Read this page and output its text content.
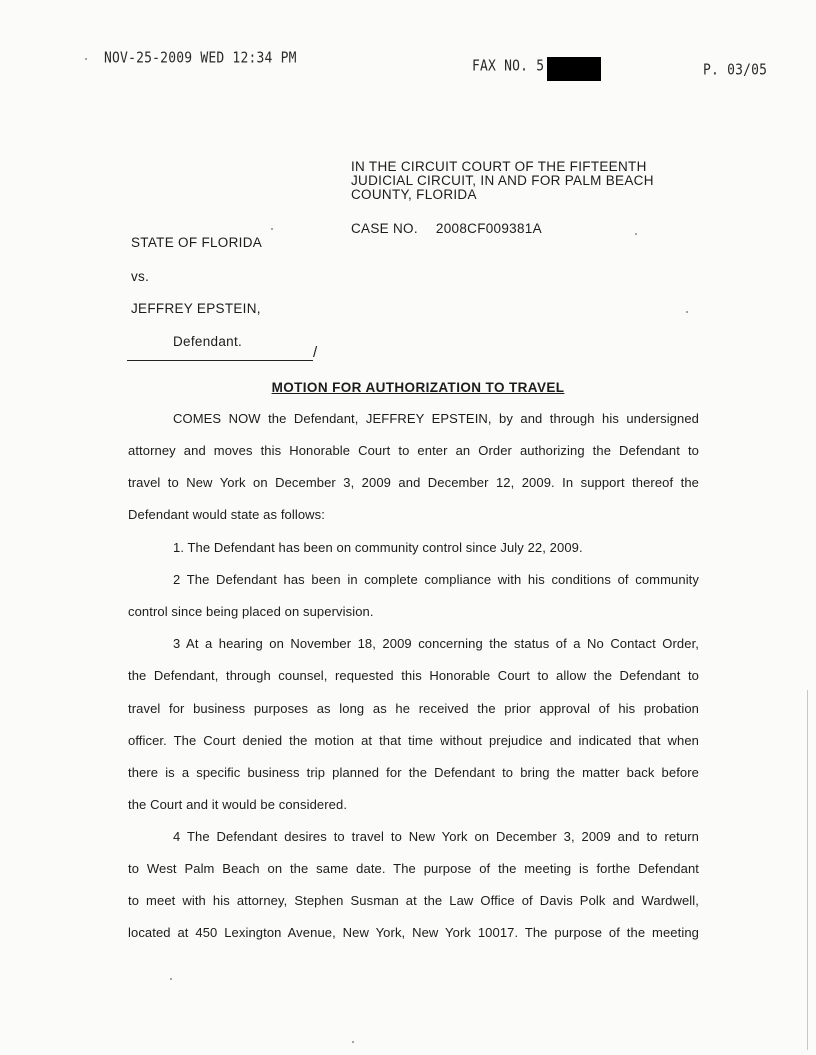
NOV-25-2009 WED 12:34 PM	FAX NO. 5	P. 03/05
IN THE CIRCUIT COURT OF THE FIFTEENTH
JUDICIAL CIRCUIT, IN AND FOR PALM BEACH
COUNTY, FLORIDA
CASE NO. 2008CF009381A
STATE OF FLORIDA
vs.
JEFFREY EPSTEIN,
Defendant.
/
MOTION FOR AUTHORIZATION TO TRAVEL
COMES NOW the Defendant, JEFFREY EPSTEIN, by and through his undersigned
attorney and moves this Honorable Court to enter an Order authorizing the Defendant to
travel to New York on December 3, 2009 and December 12, 2009. In support thereof the
Defendant would state as follows:
1. The Defendant has been on community control since July 22, 2009.
2 The Defendant has been in complete compliance with his conditions of community
control since being placed on supervision.
3 At a hearing on November 18, 2009 concerning the status of a No Contact Order,
the Defendant, through counsel, requested this Honorable Court to allow the Defendant to
travel for business purposes as long as he received the prior approval of his probation
officer. The Court denied the motion at that time without prejudice and indicated that when
there is a specific business trip planned for the Defendant to bring the matter back before
the Court and it would be considered.
4 The Defendant desires to travel to New York on December 3, 2009 and to return
to West Palm Beach on the same date. The purpose of the meeting is forthe Defendant
to meet with his attorney, Stephen Susman at the Law Office of Davis Polk and Wardwell,
located at 450 Lexington Avenue, New York, New York 10017. The purpose of the meeting
